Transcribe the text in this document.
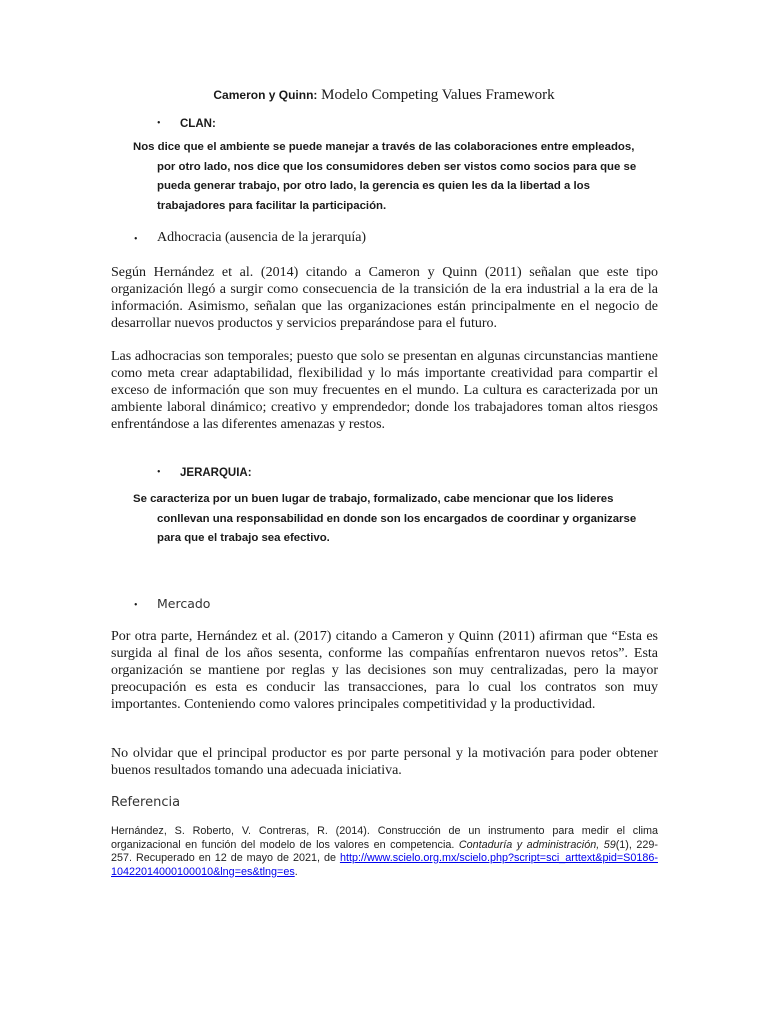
Cameron y Quinn: Modelo Competing Values Framework
• CLAN:

Nos dice que el ambiente se puede manejar a través de las colaboraciones entre empleados, por otro lado, nos dice que los consumidores deben ser vistos como socios para que se pueda generar trabajo, por otro lado, la gerencia es quien les da la libertad a los trabajadores para facilitar la participación.

• Adhocracia (ausencia de la jerarquía)

Según Hernández et al. (2014) citando a Cameron y Quinn (2011) señalan que este tipo organización llegó a surgir como consecuencia de la transición de la era industrial a la era de la información. Asimismo, señalan que las organizaciones están principalmente en el negocio de desarrollar nuevos productos y servicios preparándose para el futuro.

Las adhocracias son temporales; puesto que solo se presentan en algunas circunstancias mantiene como meta crear adaptabilidad, flexibilidad y lo más importante creatividad para compartir el exceso de información que son muy frecuentes en el mundo. La cultura es caracterizada por un ambiente laboral dinámico; creativo y emprendedor; donde los trabajadores toman altos riesgos enfrentándose a las diferentes amenazas y restos.

• JERARQUIA:

Se caracteriza por un buen lugar de trabajo, formalizado, cabe mencionar que los lideres conllevan una responsabilidad en donde son los encargados de coordinar y organizarse para que el trabajo sea efectivo.

• Mercado

Por otra parte, Hernández et al. (2017) citando a Cameron y Quinn (2011) afirman que “Esta es surgida al final de los años sesenta, conforme las compañías enfrentaron nuevos retos”. Esta organización se mantiene por reglas y las decisiones son muy centralizadas, pero la mayor preocupación es esta es conducir las transacciones, para lo cual los contratos son muy importantes. Conteniendo como valores principales competitividad y la productividad.

No olvidar que el principal productor es por parte personal y la motivación para poder obtener buenos resultados tomando una adecuada iniciativa.

Referencia
Hernández, S. Roberto, V. Contreras, R. (2014). Construcción de un instrumento para medir el clima organizacional en función del modelo de los valores en competencia. Contaduría y administración, 59(1), 229-257. Recuperado en 12 de mayo de 2021, de http://www.scielo.org.mx/scielo.php?script=sci_arttext&pid=S0186-10422014000100010&lng=es&tlng=es.
